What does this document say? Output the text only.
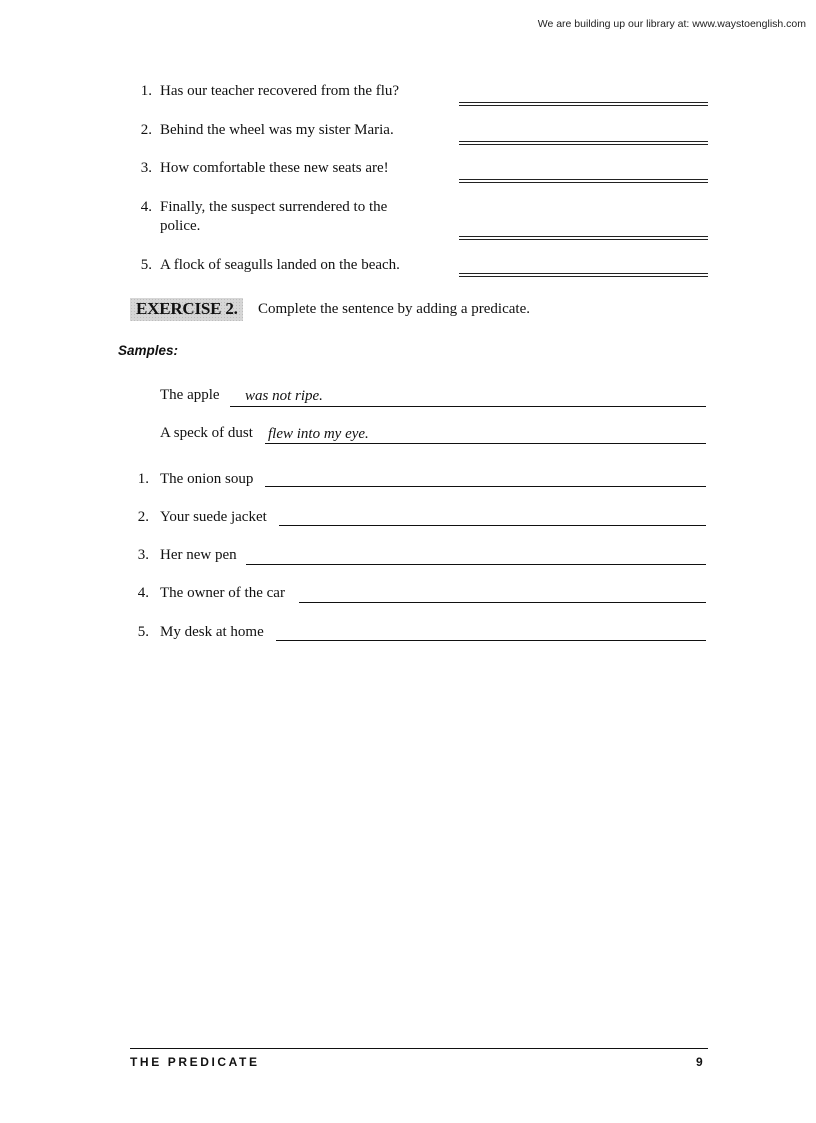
We are building up our library at: www.waystoenglish.com
1. Has our teacher recovered from the flu?
2. Behind the wheel was my sister Maria.
3. How comfortable these new seats are!
4. Finally, the suspect surrendered to the
police.
5. A flock of seagulls landed on the beach.
EXERCISE 2.	Complete the sentence by adding a predicate.
Samples:
The apple was not ripe.
A speck of dust flew into my eye.
1. The onion soup
2. Your suede jacket
3. Her new pen
4. The owner of the car
5. My desk at home
THE PREDICATE	9
